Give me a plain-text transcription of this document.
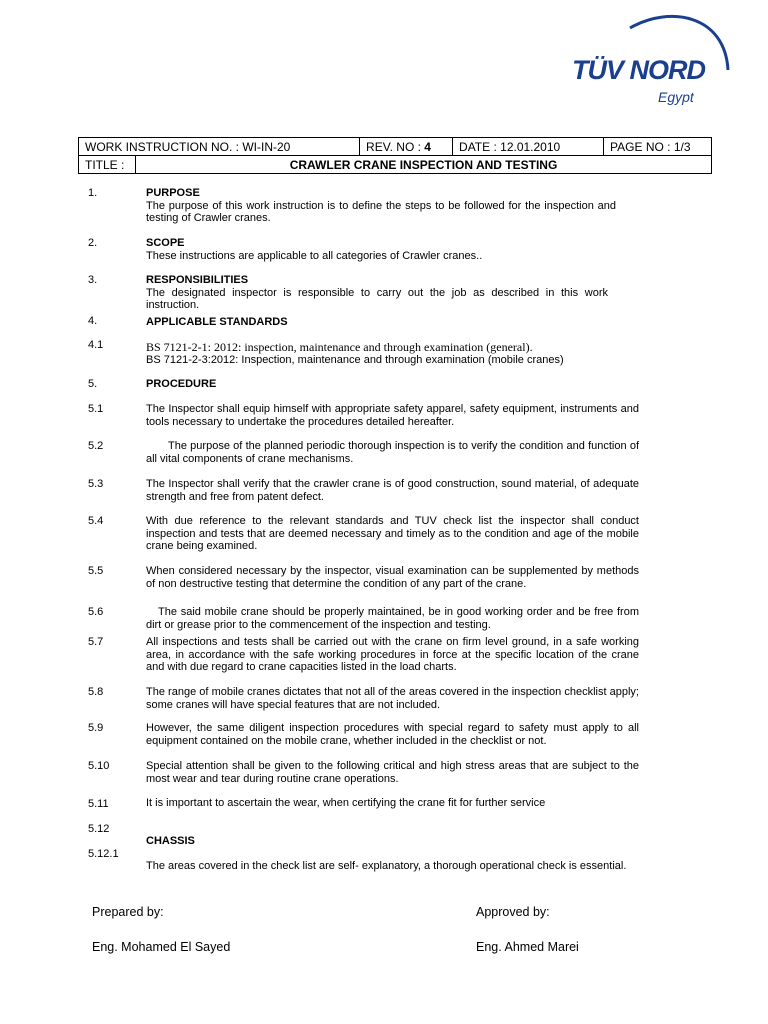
TÜV NORD
Egypt
WORK INSTRUCTION NO. : WI-IN-20		REV. NO : 4	DATE : 12.01.2010	PAGE NO : 1/3
TITLE :	CRAWLER CRANE INSPECTION AND TESTING			
1.	PURPOSE
The purpose of this work instruction is to define the steps to be followed for the inspection and testing of Crawler cranes.
2.	SCOPE
These instructions are applicable to all categories of Crawler cranes..
3.	RESPONSIBILITIES
The designated inspector is responsible to carry out the job as described in this work instruction.
4.	APPLICABLE STANDARDS
4.1	BS 7121-2-1: 2012: inspection, maintenance and through examination (general).
BS 7121-2-3:2012: Inspection, maintenance and through examination (mobile cranes)
5.	PROCEDURE
5.1	The Inspector shall equip himself with appropriate safety apparel, safety equipment, instruments and tools necessary to undertake the procedures detailed hereafter.
5.2	The purpose of the planned periodic thorough inspection is to verify the condition and function of all vital components of crane mechanisms.
5.3	The Inspector shall verify that the crawler crane is of good construction, sound material, of adequate strength and free from patent defect.
5.4	With due reference to the relevant standards and TUV check list the inspector shall conduct inspection and tests that are deemed necessary and timely as to the condition and age of the mobile crane being examined.
5.5	When considered necessary by the inspector, visual examination can be supplemented by methods of non destructive testing that determine the condition of any part of the crane.
5.6	The said mobile crane should be properly maintained, be in good working order and be free from dirt or grease prior to the commencement of the inspection and testing.
5.7	All inspections and tests shall be carried out with the crane on firm level ground, in a safe working area, in accordance with the safe working procedures in force at the specific location of the crane and with due regard to crane capacities listed in the load charts.
5.8	The range of mobile cranes dictates that not all of the areas covered in the inspection checklist apply; some cranes will have special features that are not included.
5.9	However, the same diligent inspection procedures with special regard to safety must apply to all equipment contained on the mobile crane, whether included in the checklist or not.
5.10	Special attention shall be given to the following critical and high stress areas that are subject to the most wear and tear during routine crane operations.
5.11	It is important to ascertain the wear, when certifying the crane fit for further service
5.12
CHASSIS
5.12.1
The areas covered in the check list are self- explanatory, a thorough operational check is essential.
Prepared by:
Eng. Mohamed El Sayed
Approved by:
Eng. Ahmed Marei
